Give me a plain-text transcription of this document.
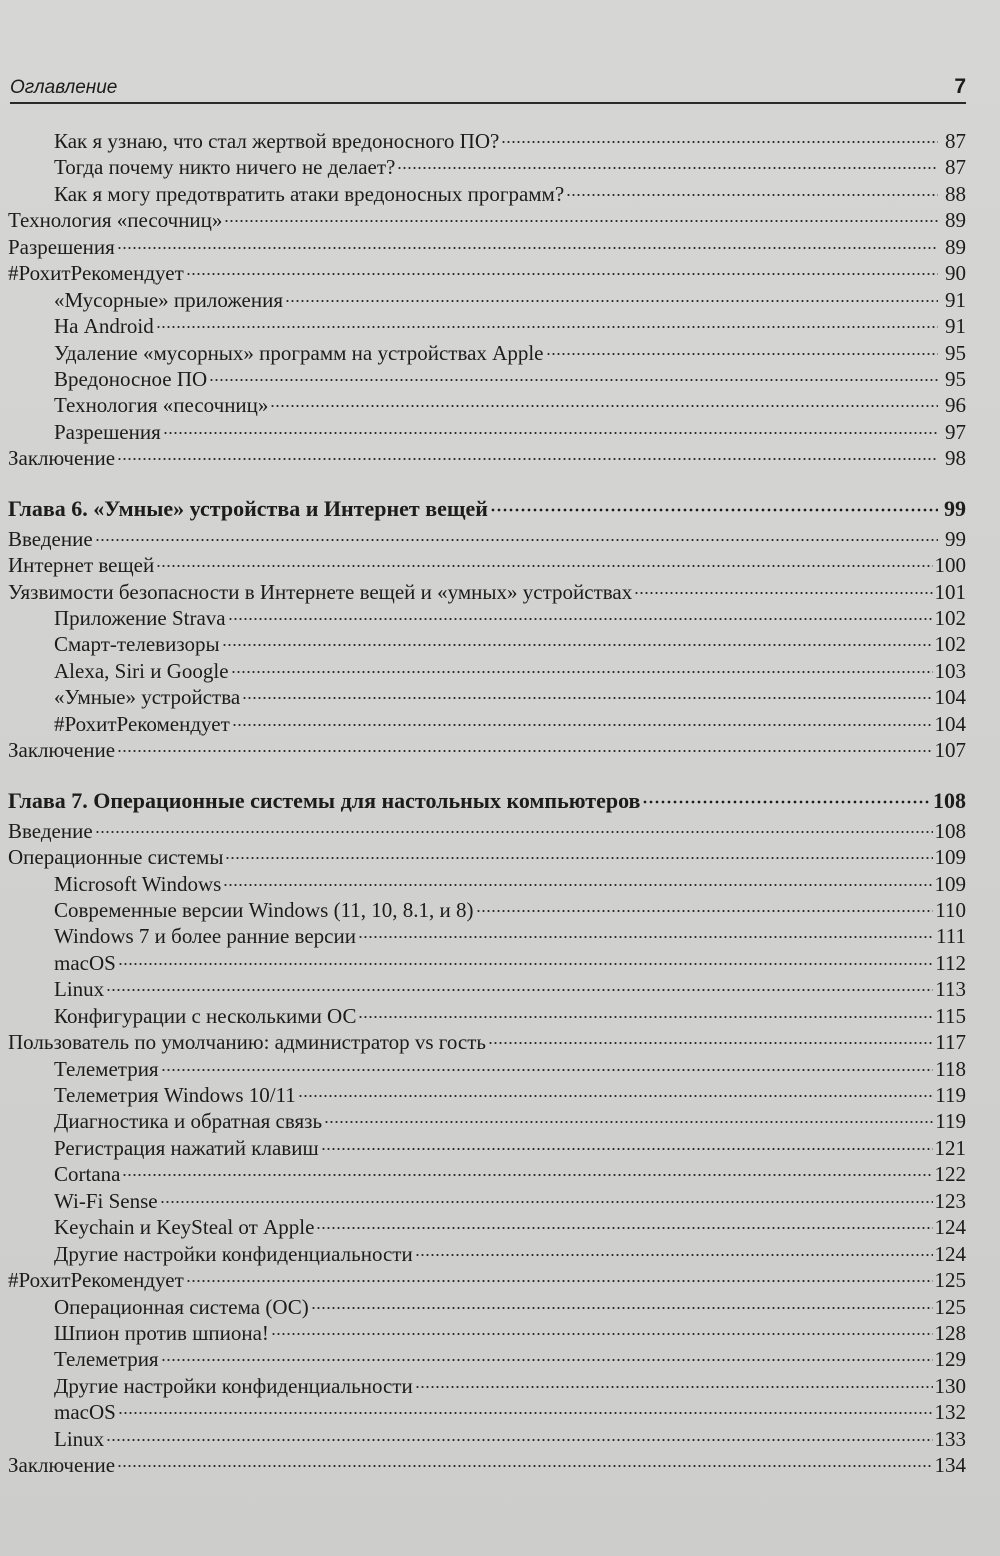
Оглавление	7
Как я узнаю, что стал жертвой вредоносного ПО?	87
Тогда почему никто ничего не делает?	87
Как я могу предотвратить атаки вредоносных программ?	88
Технология «песочниц»	89
Разрешения	89
#РохитРекомендует	90
«Мусорные» приложения	91
На Android	91
Удаление «мусорных» программ на устройствах Apple	95
Вредоносное ПО	95
Технология «песочниц»	96
Разрешения	97
Заключение	98
Глава 6. «Умные» устройства и Интернет вещей	99
Введение	99
Интернет вещей	100
Уязвимости безопасности в Интернете вещей и «умных» устройствах	101
Приложение Strava	102
Смарт-телевизоры	102
Alexa, Siri и Google	103
«Умные» устройства	104
#РохитРекомендует	104
Заключение	107
Глава 7. Операционные системы для настольных компьютеров	108
Введение	108
Операционные системы	109
Microsoft Windows	109
Современные версии Windows (11, 10, 8.1, и 8)	110
Windows 7 и более ранние версии	111
macOS	112
Linux	113
Конфигурации с несколькими ОС	115
Пользователь по умолчанию: администратор vs гость	117
Телеметрия	118
Телеметрия Windows 10/11	119
Диагностика и обратная связь	119
Регистрация нажатий клавиш	121
Cortana	122
Wi-Fi Sense	123
Keychain и KeySteal от Apple	124
Другие настройки конфиденциальности	124
#РохитРекомендует	125
Операционная система (ОС)	125
Шпион против шпиона!	128
Телеметрия	129
Другие настройки конфиденциальности	130
macOS	132
Linux	133
Заключение	134
